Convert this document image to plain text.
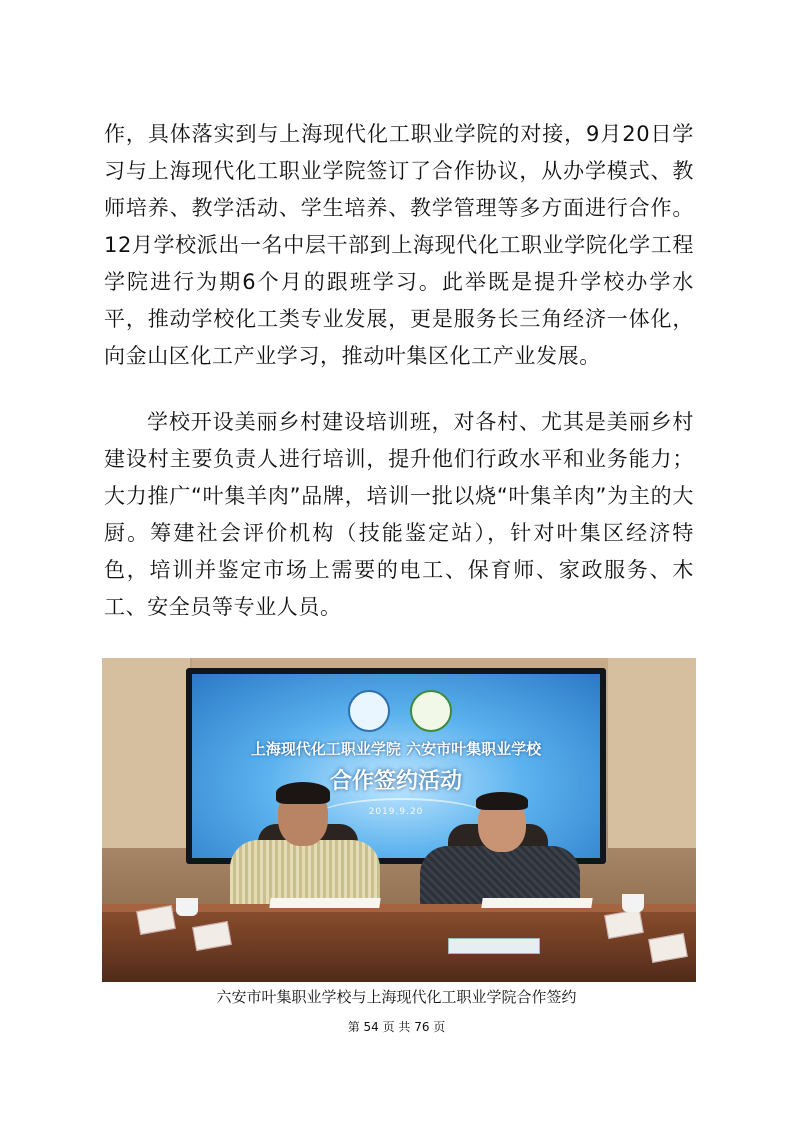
作，具体落实到与上海现代化工职业学院的对接，9月20日学习与上海现代化工职业学院签订了合作协议，从办学模式、教师培养、教学活动、学生培养、教学管理等多方面进行合作。12月学校派出一名中层干部到上海现代化工职业学院化学工程学院进行为期6个月的跟班学习。此举既是提升学校办学水平，推动学校化工类专业发展，更是服务长三角经济一体化，向金山区化工产业学习，推动叶集区化工产业发展。

学校开设美丽乡村建设培训班，对各村、尤其是美丽乡村建设村主要负责人进行培训，提升他们行政水平和业务能力；大力推广“叶集羊肉”品牌，培训一批以烧“叶集羊肉”为主的大厨。筹建社会评价机构（技能鉴定站），针对叶集区经济特色，培训并鉴定市场上需要的电工、保育师、家政服务、木工、安全员等专业人员。

上海现代化工职业学院 六安市叶集职业学校
合作签约活动
2019.9.20
六安市叶集职业学校与上海现代化工职业学院合作签约
第 54 页 共 76 页
